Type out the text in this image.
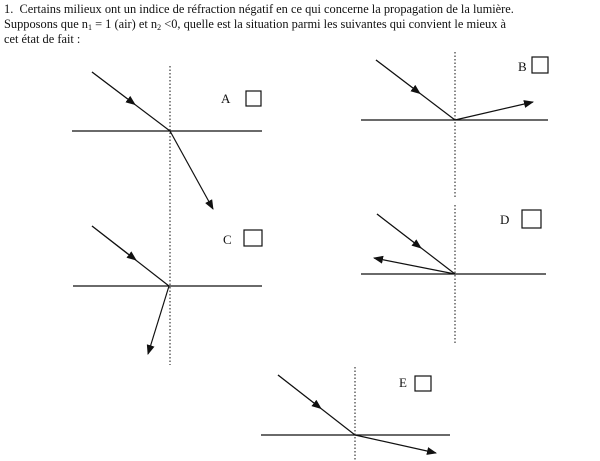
1. Certains milieux ont un indice de réfraction négatif en ce qui concerne la propagation de la lumière.
Supposons que $n_1 = 1$ (air) et $n_2 <0$, quelle est la situation parmi les suivantes qui convient le mieux à
cet état de fait :
A
B
C
D
E
